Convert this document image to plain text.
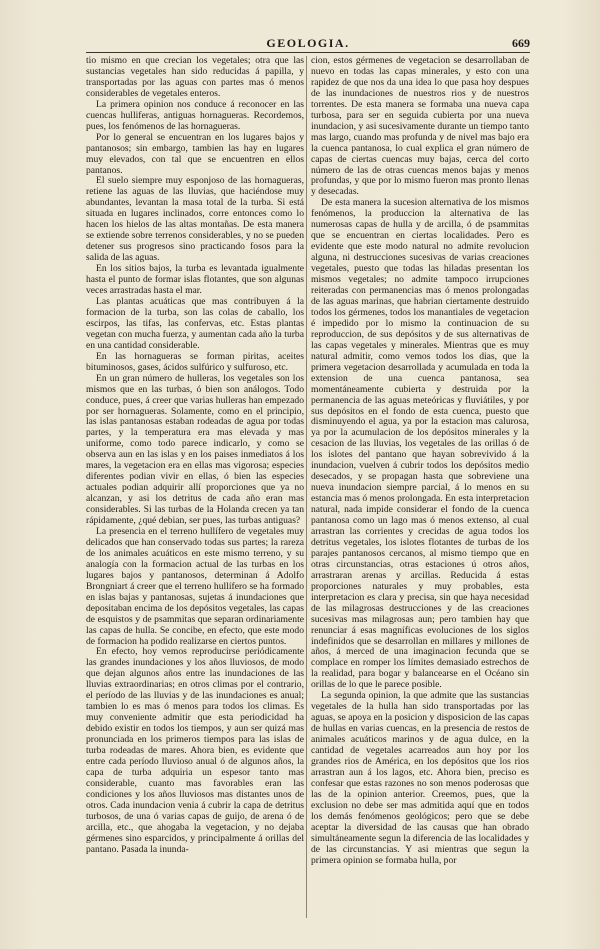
GEOLOGIA.	669

tio mismo en que crecian los vegetales; otra que las sustancias vegetales han sido reducidas á papilla, y transportadas por las aguas con partes mas ó menos considerables de vegetales enteros.

La primera opinion nos conduce á reconocer en las cuencas hulliferas, antiguas hornagueras. Recordemos, pues, los fenómenos de las hornagueras.

Por lo general se encuentran en los lugares bajos y pantanosos; sin embargo, tambien las hay en lugares muy elevados, con tal que se encuentren en ellos pantanos.

El suelo siempre muy esponjoso de las hornagueras, retiene las aguas de las lluvias, que haciéndose muy abundantes, levantan la masa total de la turba. Si está situada en lugares inclinados, corre entonces como lo hacen los hielos de las altas montañas. De esta manera se extiende sobre terrenos considerables, y no se pueden detener sus progresos sino practicando fosos para la salida de las aguas.

En los sitios bajos, la turba es levantada igualmente hasta el punto de formar islas flotantes, que son algunas veces arrastradas hasta el mar.

Las plantas acuáticas que mas contribuyen á la formacion de la turba, son las colas de caballo, los escirpos, las tifas, las confervas, etc. Estas plantas vegetan con mucha fuerza, y aumentan cada año la turba en una cantidad considerable.

En las hornagueras se forman piritas, aceites bituminosos, gases, ácidos sulfúrico y sulfuroso, etc.

En un gran número de hulleras, los vegetales son los mismos que en las turbas, ó bien son análogos. Todo conduce, pues, á creer que varias hulleras han empezado por ser hornagueras. Solamente, como en el principio, las islas pantanosas estaban rodeadas de agua por todas partes, y la temperatura era mas elevada y mas uniforme, como todo parece indicarlo, y como se observa aun en las islas y en los paises inmediatos á los mares, la vegetacion era en ellas mas vigorosa; especies diferentes podian vivir en ellas, ó bien las especies actuales podian adquirir allí proporciones que ya no alcanzan, y asi los detritus de cada año eran mas considerables. Si las turbas de la Holanda crecen ya tan rápidamente, ¿qué debian, ser pues, las turbas antiguas?

La presencia en el terreno hullífero de vegetales muy delicados que han conservado todas sus partes; la rareza de los animales acuáticos en este mismo terreno, y su analogía con la formacion actual de las turbas en los lugares bajos y pantanosos, determinan á Adolfo Brongniart á creer que el terreno hullífero se ha formado en islas bajas y pantanosas, sujetas á inundaciones que depositaban encima de los depósitos vegetales, las capas de esquistos y de psammitas que separan ordinariamente las capas de hulla. Se concibe, en efecto, que este modo de formacion ha podido realizarse en ciertos puntos.

En efecto, hoy vemos reproducirse periódicamente las grandes inundaciones y los años lluviosos, de modo que dejan algunos años entre las inundaciones de las lluvias extraordinarias; en otros climas por el contrario, el período de las lluvias y de las inundaciones es anual; tambien lo es mas ó menos para todos los climas. Es muy conveniente admitir que esta periodicidad ha debido existir en todos los tiempos, y aun ser quizá mas pronunciada en los primeros tiempos para las islas de turba rodeadas de mares. Ahora bien, es evidente que entre cada período lluvioso anual ó de algunos años, la capa de turba adquiria un espesor tanto mas considerable, cuanto mas favorables eran las condiciones y los años lluviosos mas distantes unos de otros. Cada inundacion venia á cubrir la capa de detritus turbosos, de una ó varias capas de guijo, de arena ó de arcilla, etc., que ahogaba la vegetacion, y no dejaba gérmenes sino esparcidos, y principalmente á orillas del pantano. Pasada la inunda-

cion, estos gérmenes de vegetacion se desarrollaban de nuevo en todas las capas minerales, y esto con una rapidez de que nos da una idea lo que pasa hoy despues de las inundaciones de nuestros rios y de nuestros torrentes. De esta manera se formaba una nueva capa turbosa, para ser en seguida cubierta por una nueva inundacion, y asi sucesivamente durante un tiempo tanto mas largo, cuando mas profunda y de nivel mas bajo era la cuenca pantanosa, lo cual explica el gran número de capas de ciertas cuencas muy bajas, cerca del corto número de las de otras cuencas menos bajas y menos profundas, y que por lo mismo fueron mas pronto llenas y desecadas.

De esta manera la sucesion alternativa de los mismos fenómenos, la produccion la alternativa de las numerosas capas de hulla y de arcilla, ó de psammitas que se encuentran en ciertas localidades. Pero es evidente que este modo natural no admite revolucion alguna, ni destrucciones sucesivas de varias creaciones vegetales, puesto que todas las hiladas presentan los mismos vegetales; no admite tampoco irrupciones reiteradas con permanencias mas ó menos prolongadas de las aguas marinas, que habrian ciertamente destruido todos los gérmenes, todos los manantiales de vegetacion é impedido por lo mismo la continuacion de su reproduccion, de sus depósitos y de sus alternativas de las capas vegetales y minerales. Mientras que es muy natural admitir, como vemos todos los dias, que la primera vegetacion desarrollada y acumulada en toda la extension de una cuenca pantanosa, sea momentáneamente cubierta y destruida por la permanencia de las aguas meteóricas y fluviátiles, y por sus depósitos en el fondo de esta cuenca, puesto que disminuyendo el agua, ya por la estacion mas calurosa, ya por la acumulacion de los depósitos minerales y la cesacion de las lluvias, los vegetales de las orillas ó de los islotes del pantano que hayan sobrevivido á la inundacion, vuelven á cubrir todos los depósitos medio desecados, y se propagan hasta que sobreviene una nueva inundacion siempre parcial, á lo menos en su estancia mas ó menos prolongada. En esta interpretacion natural, nada impide considerar el fondo de la cuenca pantanosa como un lago mas ó menos extenso, al cual arrastran las corrientes y crecidas de agua todos los detritus vegetales, los islotes flotantes de turbas de los parajes pantanosos cercanos, al mismo tiempo que en otras circunstancias, otras estaciones ú otros años, arrastraran arenas y arcillas. Reducida á estas proporciones naturales y muy probables, esta interpretacion es clara y precisa, sin que haya necesidad de las milagrosas destrucciones y de las creaciones sucesivas mas milagrosas aun; pero tambien hay que renunciar á esas magníficas evoluciones de los siglos indefinidos que se desarrollan en millares y millones de años, á merced de una imaginacion fecunda que se complace en romper los límites demasiado estrechos de la realidad, para bogar y balancearse en el Océano sin orillas de lo que le parece posible.

La segunda opinion, la que admite que las sustancias vegetales de la hulla han sido transportadas por las aguas, se apoya en la posicion y disposicion de las capas de hullas en varias cuencas, en la presencia de restos de animales acuáticos marinos y de agua dulce, en la cantidad de vegetales acarreados aun hoy por los grandes rios de América, en los depósitos que los rios arrastran aun á los lagos, etc. Ahora bien, preciso es confesar que estas razones no son menos poderosas que las de la opinion anterior. Creemos, pues, que la exclusion no debe ser mas admitida aquí que en todos los demás fenómenos geológicos; pero que se debe aceptar la diversidad de las causas que han obrado simultáneamente segun la diferencia de las localidades y de las circunstancias. Y asi mientras que segun la primera opinion se formaba hulla, por
